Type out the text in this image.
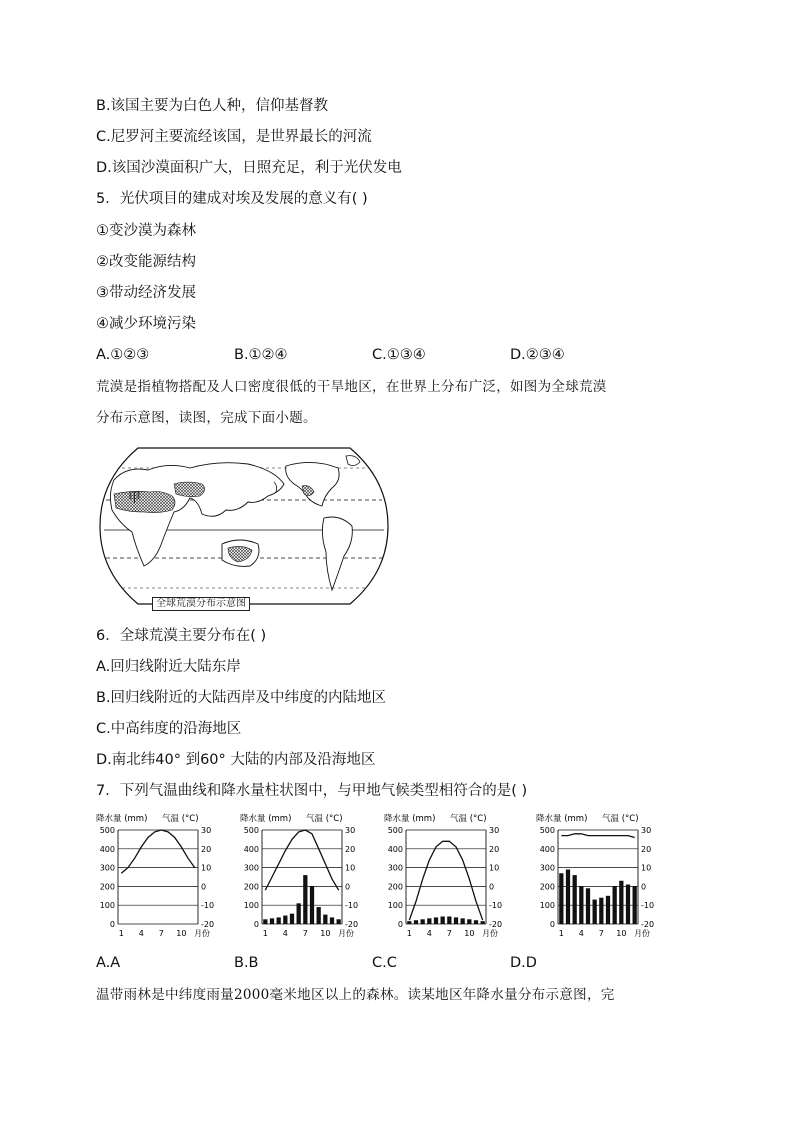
B.该国主要为白色人种，信仰基督教
C.尼罗河主要流经该国，是世界最长的河流
D.该国沙漠面积广大，日照充足，利于光伏发电
5．光伏项目的建成对埃及发展的意义有( )
①变沙漠为森林
②改变能源结构
③带动经济发展
④减少环境污染
A.①②③	B.①②④	C.①③④	D.②③④
荒漠是指植物搭配及人口密度很低的干旱地区，在世界上分布广泛，如图为全球荒漠
分布示意图，读图，完成下面小题。
甲
全球荒漠分布示意图
6．全球荒漠主要分布在( )
A.回归线附近大陆东岸
B.回归线附近的大陆西岸及中纬度的内陆地区
C.中高纬度的沿海地区
D.南北纬40° 到60° 大陆的内部及沿海地区
7．下列气温曲线和降水量柱状图中，与甲地气候类型相符合的是( )
降水量 (mm) 气温 (°C)
0
100
200
300
400
500
-20
-10
0
10
20
30
1 4 7 10 月份
降水量 (mm) 气温 (°C)
0
100
200
300
400
500
-20
-10
0
10
20
30
1 4 7 10 月份
降水量 (mm) 气温 (°C)
0
100
200
300
400
500
-20
-10
0
10
20
30
1 4 7 10 月份
降水量 (mm) 气温 (°C)
0
100
200
300
400
500
-20
-10
0
10
20
30
1 4 7 10 月份
A.A	B.B	C.C	D.D
温带雨林是中纬度雨量2000毫米地区以上的森林。读某地区年降水量分布示意图，完
